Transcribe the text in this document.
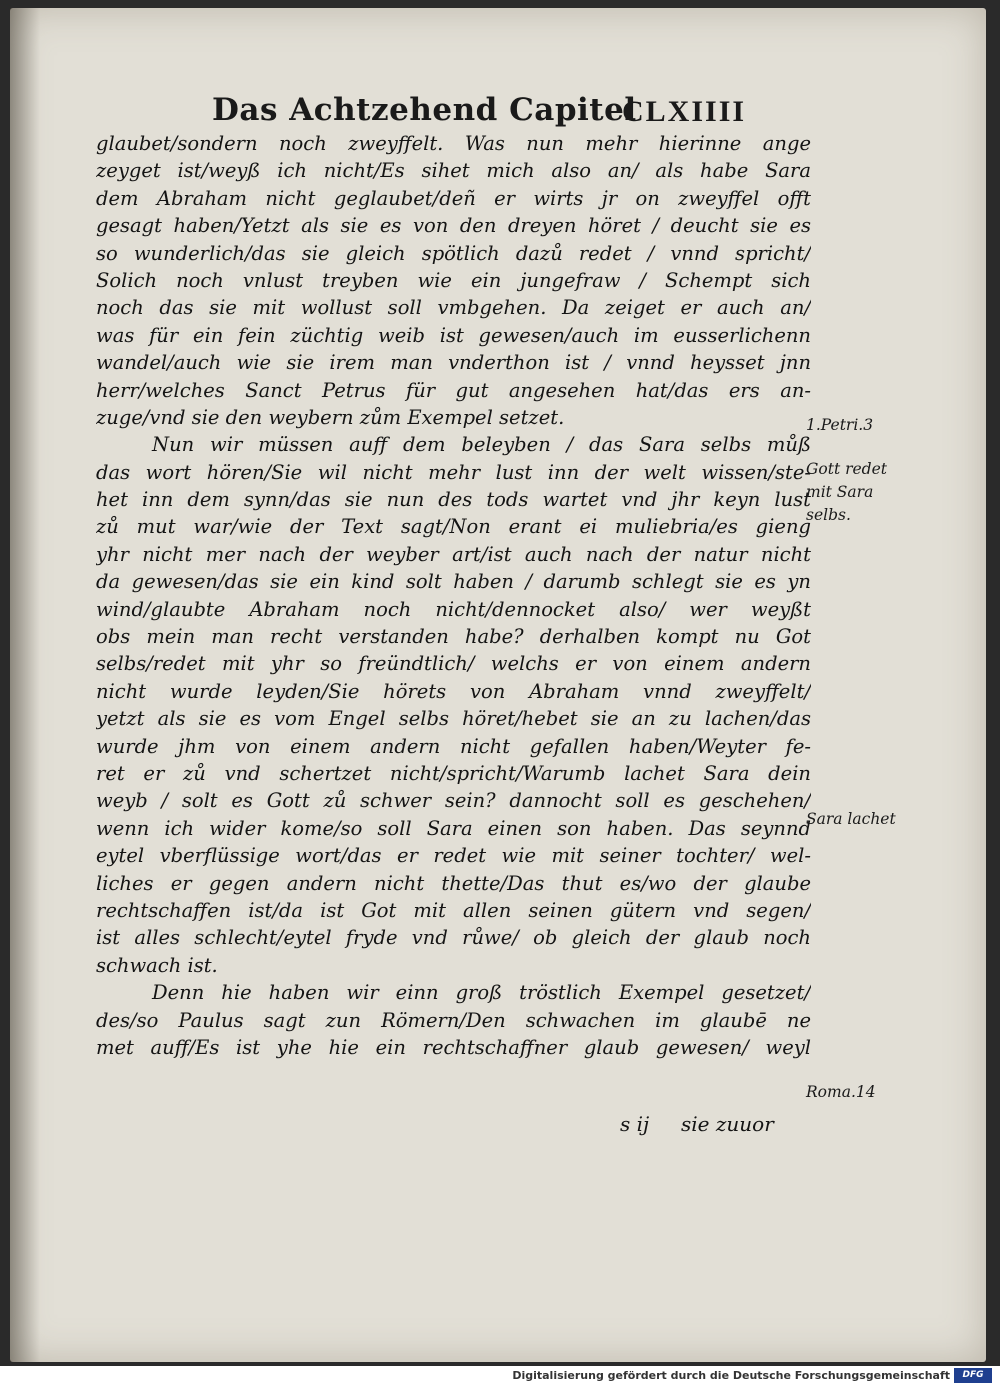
Das Achtzehend Capitel
CLXIIII
glaubet/sondern noch zweyffelt. Was nun mehr hierinne ange
zeyget ist/weyß ich nicht/Es sihet mich also an/ als habe Sara
dem Abraham nicht geglaubet/deñ er wirts jr on zweyffel offt
gesagt haben/Yetzt als sie es von den dreyen höret / deucht sie es
so wunderlich/das sie gleich spötlich dazů redet / vnnd spricht/
Solich noch vnlust treyben wie ein jungefraw / Schempt sich
noch das sie mit wollust soll vmbgehen. Da zeiget er auch an/
was für ein fein züchtig weib ist gewesen/auch im eusserlichenn
wandel/auch wie sie irem man vnderthon ist / vnnd heysset jnn
herr/welches Sanct Petrus für gut angesehen hat/das ers an-
zuge/vnd sie den weybern zům Exempel setzet.
Nun wir müssen auff dem beleyben / das Sara selbs můß
das wort hören/Sie wil nicht mehr lust inn der welt wissen/ste-
het inn dem synn/das sie nun des tods wartet vnd jhr keyn lust
zů mut war/wie der Text sagt/Non erant ei muliebria/es gieng
yhr nicht mer nach der weyber art/ist auch nach der natur nicht
da gewesen/das sie ein kind solt haben / darumb schlegt sie es yn
wind/glaubte Abraham noch nicht/dennocket also/ wer weyßt
obs mein man recht verstanden habe? derhalben kompt nu Got
selbs/redet mit yhr so freündtlich/ welchs er von einem andern
nicht wurde leyden/Sie hörets von Abraham vnnd zweyffelt/
yetzt als sie es vom Engel selbs höret/hebet sie an zu lachen/das
wurde jhm von einem andern nicht gefallen haben/Weyter fe-
ret er zů vnd schertzet nicht/spricht/Warumb lachet Sara dein
weyb / solt es Gott zů schwer sein? dannocht soll es geschehen/
wenn ich wider kome/so soll Sara einen son haben. Das seynnd
eytel vberflüssige wort/das er redet wie mit seiner tochter/ wel-
liches er gegen andern nicht thette/Das thut es/wo der glaube
rechtschaffen ist/da ist Got mit allen seinen gütern vnd segen/
ist alles schlecht/eytel fryde vnd růwe/ ob gleich der glaub noch
schwach ist.
Denn hie haben wir einn groß tröstlich Exempel gesetzet/
des/so Paulus sagt zun Römern/Den schwachen im glaubē ne
met auff/Es ist yhe hie ein rechtschaffner glaub gewesen/ weyl
s ij     sie zuuor
1.Petri.3
Gott redet mit Sara selbs.
Sara lachet
Roma.14
Digitalisierung gefördert durch die Deutsche Forschungsgemeinschaft	DFG
